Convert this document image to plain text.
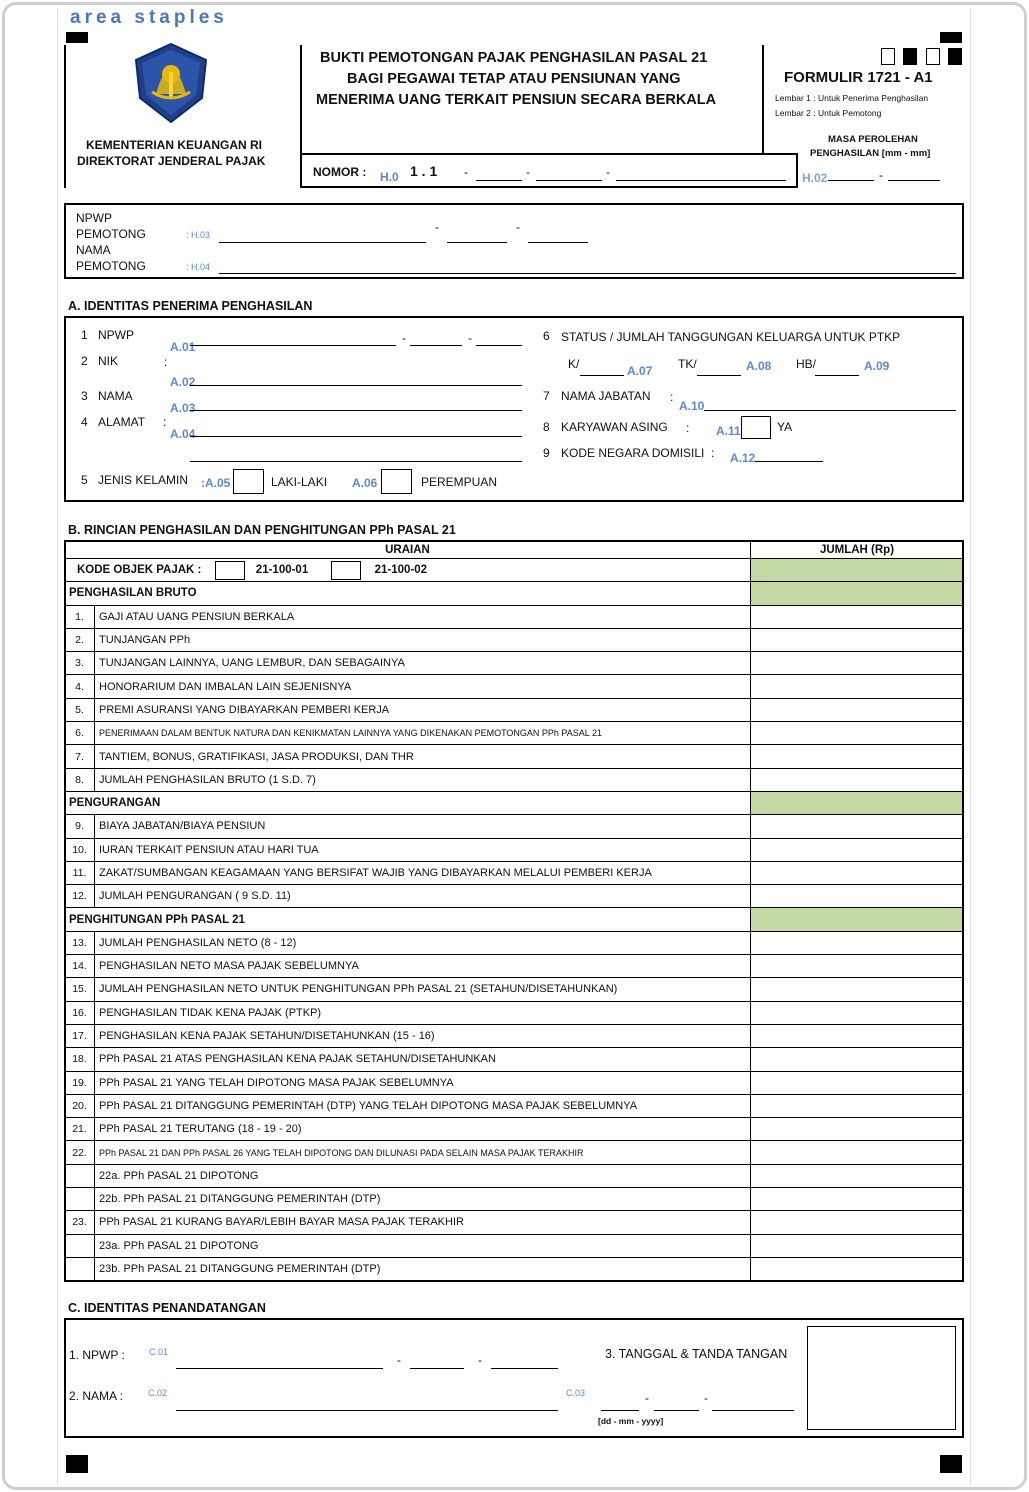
area staples
KEMENTERIAN KEUANGAN RI
DIREKTORAT JENDERAL PAJAK
BUKTI PEMOTONGAN PAJAK PENGHASILAN PASAL 21
BAGI PEGAWAI TETAP ATAU PENSIUNAN YANG
MENERIMA UANG TERKAIT PENSIUN SECARA BERKALA
FORMULIR 1721 - A1
Lembar 1 : Untuk Penerima Penghasilan
Lembar 2 : Untuk Pemotong
MASA PEROLEHAN
PENGHASILAN [mm - mm]
H.02	-
NOMOR : H.0 1 . 1 -	-	-
NPWP
PEMOTONG	: H.03
-	-
NAMA
PEMOTONG	: H.04
A. IDENTITAS PENERIMA PENGHASILAN
1 NPWP
A.01
-	-
2 NIK	:
A.02
3 NAMA
A.03
4 ALAMAT :
A.04
5 JENIS KELAMIN :A.05	LAKI-LAKI A.06	PEREMPUAN
6 STATUS / JUMLAH TANGGUNGAN KELUARGA UNTUK PTKP
K/	A.07 TK/	A.08 HB/	A.09
7 NAMA JABATAN :
A.10
8 KARYAWAN ASING : A.11	YA
9 KODE NEGARA DOMISILI : A.12
B. RINCIAN PENGHASILAN DAN PENGHITUNGAN PPh PASAL 21
URAIAN		JUMLAH (Rp)
KODE OBJEK PAJAK : 21-100-01 21-100-02		
PENGHASILAN BRUTO		
1.	GAJI ATAU UANG PENSIUN BERKALA	
2.	TUNJANGAN PPh	
3.	TUNJANGAN LAINNYA, UANG LEMBUR, DAN SEBAGAINYA	
4.	HONORARIUM DAN IMBALAN LAIN SEJENISNYA	
5.	PREMI ASURANSI YANG DIBAYARKAN PEMBERI KERJA	
6.	PENERIMAAN DALAM BENTUK NATURA DAN KENIKMATAN LAINNYA YANG DIKENAKAN PEMOTONGAN PPh PASAL 21	
7.	TANTIEM, BONUS, GRATIFIKASI, JASA PRODUKSI, DAN THR	
8.	JUMLAH PENGHASILAN BRUTO (1 S.D. 7)	
PENGURANGAN		
9.	BIAYA JABATAN/BIAYA PENSIUN	
10.	IURAN TERKAIT PENSIUN ATAU HARI TUA	
11.	ZAKAT/SUMBANGAN KEAGAMAAN YANG BERSIFAT WAJIB YANG DIBAYARKAN MELALUI PEMBERI KERJA	
12.	JUMLAH PENGURANGAN ( 9 S.D. 11)	
PENGHITUNGAN PPh PASAL 21		
13.	JUMLAH PENGHASILAN NETO (8 - 12)	
14.	PENGHASILAN NETO MASA PAJAK SEBELUMNYA	
15.	JUMLAH PENGHASILAN NETO UNTUK PENGHITUNGAN PPh PASAL 21 (SETAHUN/DISETAHUNKAN)	
16.	PENGHASILAN TIDAK KENA PAJAK (PTKP)	
17.	PENGHASILAN KENA PAJAK SETAHUN/DISETAHUNKAN (15 - 16)	
18.	PPh PASAL 21 ATAS PENGHASILAN KENA PAJAK SETAHUN/DISETAHUNKAN	
19.	PPh PASAL 21 YANG TELAH DIPOTONG MASA PAJAK SEBELUMNYA	
20.	PPh PASAL 21 DITANGGUNG PEMERINTAH (DTP) YANG TELAH DIPOTONG MASA PAJAK SEBELUMNYA	
21.	PPh PASAL 21 TERUTANG (18 - 19 - 20)	
22.	PPh PASAL 21 DAN PPh PASAL 26 YANG TELAH DIPOTONG DAN DILUNASI PADA SELAIN MASA PAJAK TERAKHIR	
	22a. PPh PASAL 21 DIPOTONG	
	22b. PPh PASAL 21 DITANGGUNG PEMERINTAH (DTP)	
23.	PPh PASAL 21 KURANG BAYAR/LEBIH BAYAR MASA PAJAK TERAKHIR	
	23a. PPh PASAL 21 DIPOTONG	
	23b. PPh PASAL 21 DITANGGUNG PEMERINTAH (DTP)	
C. IDENTITAS PENANDATANGAN
1. NPWP :	C.01
-	-
2. NAMA :	C.02
3. TANGGAL & TANDA TANGAN
C.03	-	-
[dd - mm - yyyy]
